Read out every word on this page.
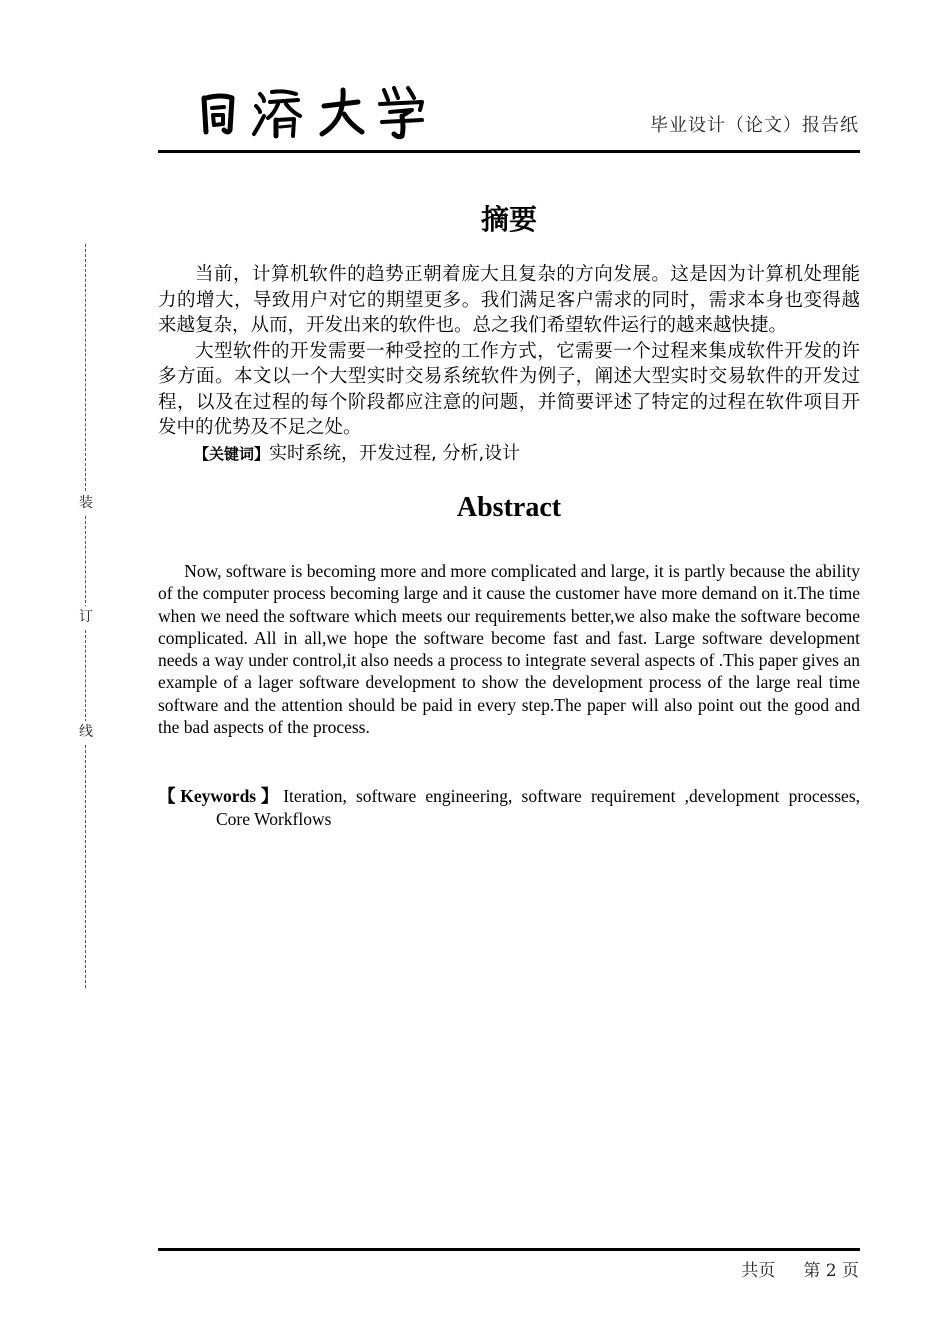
毕业设计（论文）报告纸
装
订
线
摘要

当前，计算机软件的趋势正朝着庞大且复杂的方向发展。这是因为计算机处理能力的增大，导致用户对它的期望更多。我们满足客户需求的同时，需求本身也变得越来越复杂，从而，开发出来的软件也。总之我们希望软件运行的越来越快捷。

大型软件的开发需要一种受控的工作方式，它需要一个过程来集成软件开发的许多方面。本文以一个大型实时交易系统软件为例子，阐述大型实时交易软件的开发过程，以及在过程的每个阶段都应注意的问题，并简要评述了特定的过程在软件项目开发中的优势及不足之处。

【关键词】实时系统，开发过程, 分析,设计

Abstract

Now, software is becoming more and more complicated and large, it is partly because the ability of the computer process becoming large and it cause the customer have more demand on it.The time when we need the software which meets our requirements better,we also make the software become complicated. All in all,we hope the software become fast and fast. Large software development needs a way under control,it also needs a process to integrate several aspects of .This paper gives an example of a lager software development to show the development process of the large real time software and the attention should be paid in every step.The paper will also point out the good and the bad aspects of the process.

【Keywords】Iteration, software engineering, software requirement ,development processes,Core Workflows
共页 第 2 页
